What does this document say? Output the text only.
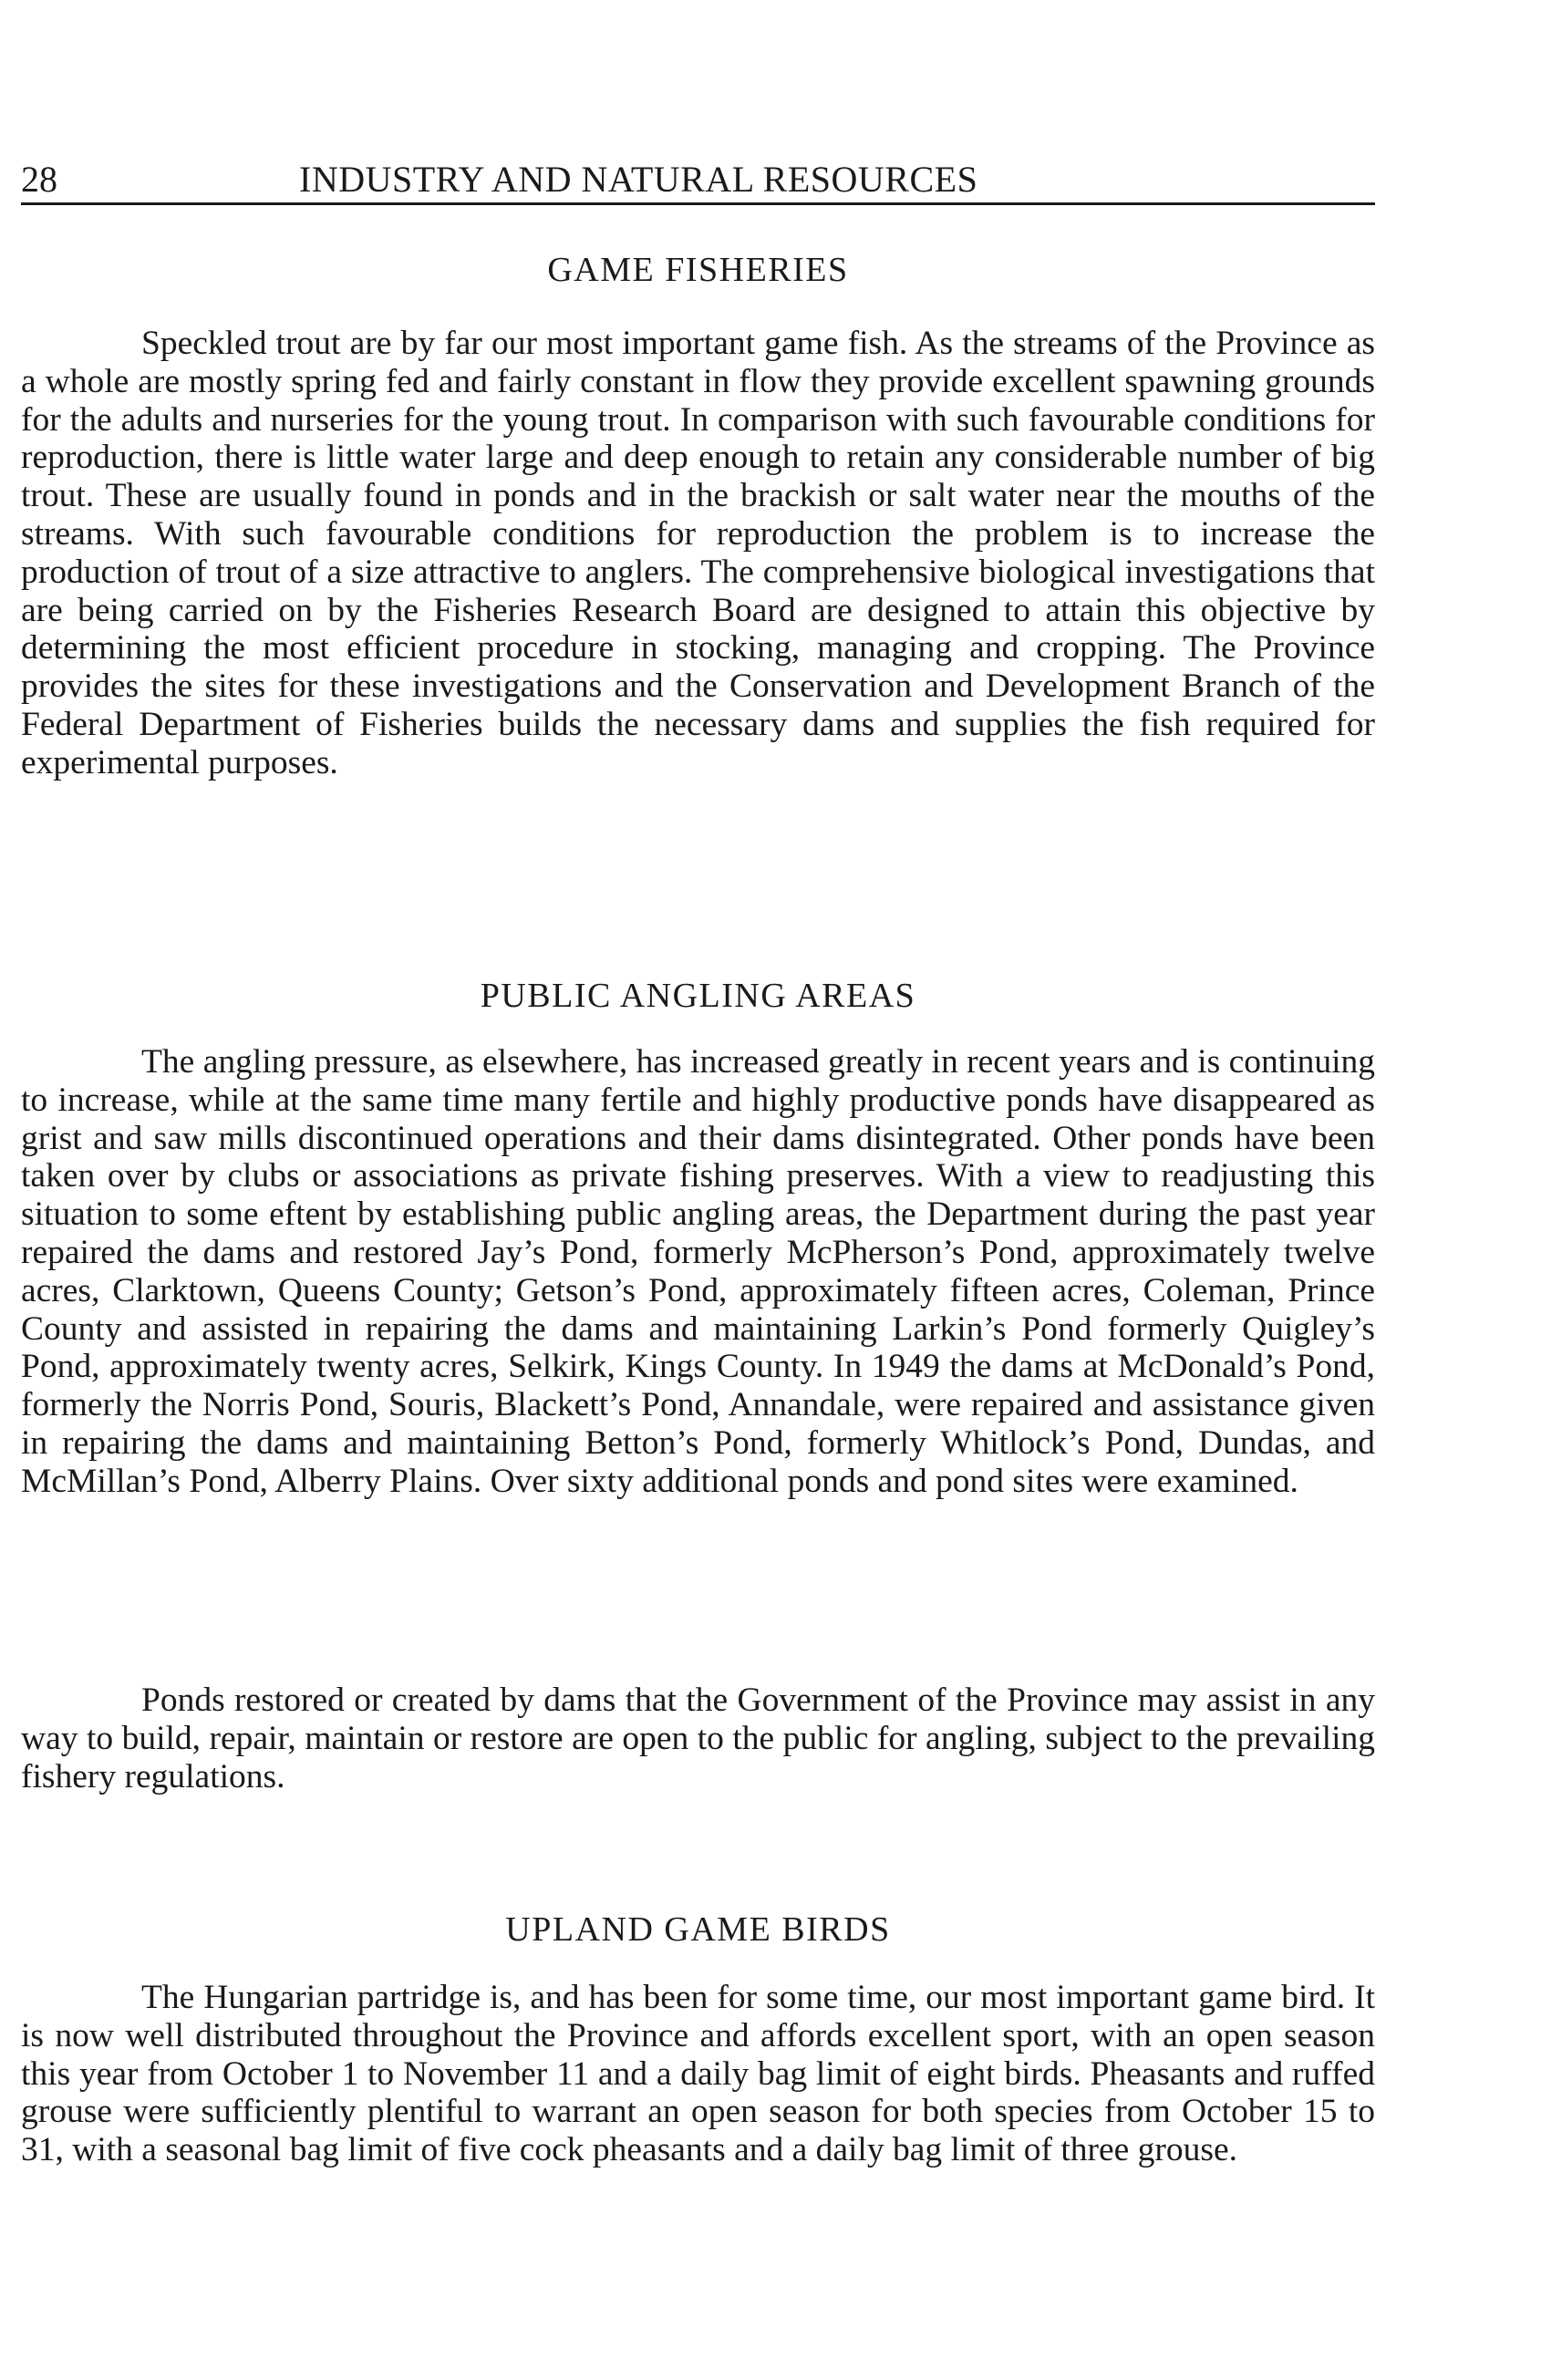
28	INDUSTRY AND NATURAL RESOURCES
GAME FISHERIES

Speckled trout are by far our most important game fish. As the streams of the Province as a whole are mostly spring fed and fairly constant in flow they provide excellent spawning grounds for the adults and nurseries for the young trout. In comparison with such favourable conditions for reproduction, there is little water large and deep enough to retain any considerable number of big trout. These are usually found in ponds and in the brackish or salt water near the mouths of the streams. With such favourable conditions for reproduction the problem is to increase the production of trout of a size attractive to anglers. The comprehensive biological investigations that are being carried on by the Fisheries Research Board are designed to attain this objective by determining the most efficient procedure in stocking, managing and cropping. The Province provides the sites for these investigations and the Conservation and Development Branch of the Federal Department of Fisheries builds the necessary dams and supplies the fish required for experimental purposes.

PUBLIC ANGLING AREAS

The angling pressure, as elsewhere, has increased greatly in recent years and is continuing to increase, while at the same time many fertile and highly productive ponds have disappeared as grist and saw mills discontinued operations and their dams disintegrated. Other ponds have been taken over by clubs or associations as private fishing preserves. With a view to readjusting this situation to some eftent by establishing public angling areas, the Department during the past year repaired the dams and restored Jay’s Pond, formerly McPherson’s Pond, approximately twelve acres, Clarktown, Queens County; Getson’s Pond, approximately fifteen acres, Coleman, Prince County and assisted in repairing the dams and maintaining Larkin’s Pond formerly Quigley’s Pond, approximately twenty acres, Selkirk, Kings County. In 1949 the dams at McDonald’s Pond, formerly the Norris Pond, Souris, Blackett’s Pond, Annandale, were repaired and assistance given in repairing the dams and maintaining Betton’s Pond, formerly Whitlock’s Pond, Dundas, and McMillan’s Pond, Alberry Plains. Over sixty additional ponds and pond sites were examined.

Ponds restored or created by dams that the Government of the Province may assist in any way to build, repair, maintain or restore are open to the public for angling, subject to the prevailing fishery regulations.

UPLAND GAME BIRDS

The Hungarian partridge is, and has been for some time, our most important game bird. It is now well distributed throughout the Province and affords excellent sport, with an open season this year from October 1 to November 11 and a daily bag limit of eight birds. Pheasants and ruffed grouse were sufficiently plentiful to warrant an open season for both species from October 15 to 31, with a seasonal bag limit of five cock pheasants and a daily bag limit of three grouse.
